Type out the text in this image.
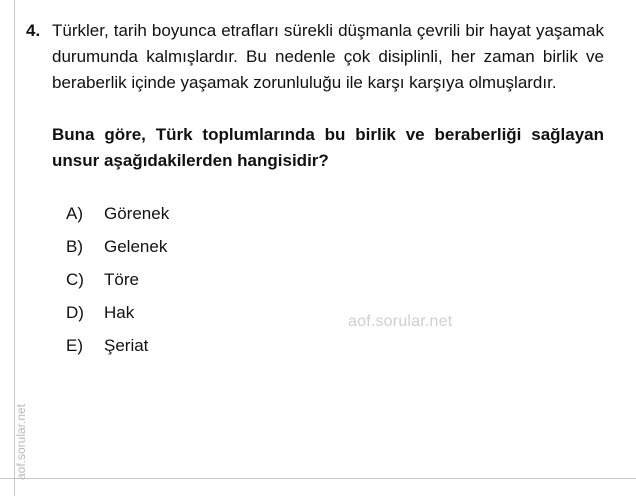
4. Türkler, tarih boyunca etrafları sürekli düşmanla çevrili bir hayat yaşamak durumunda kalmışlardır. Bu nedenle çok disiplinli, her zaman birlik ve beraberlik içinde yaşamak zorunluluğu ile karşı karşıya olmuşlardır.
Buna göre, Türk toplumlarında bu birlik ve beraberliği sağlayan unsur aşağıdakilerden hangisidir?
A)	Görenek
B)	Gelenek
C)	Töre
D)	Hak
E)	Şeriat
aof.sorular.net
aof.sorular.net
